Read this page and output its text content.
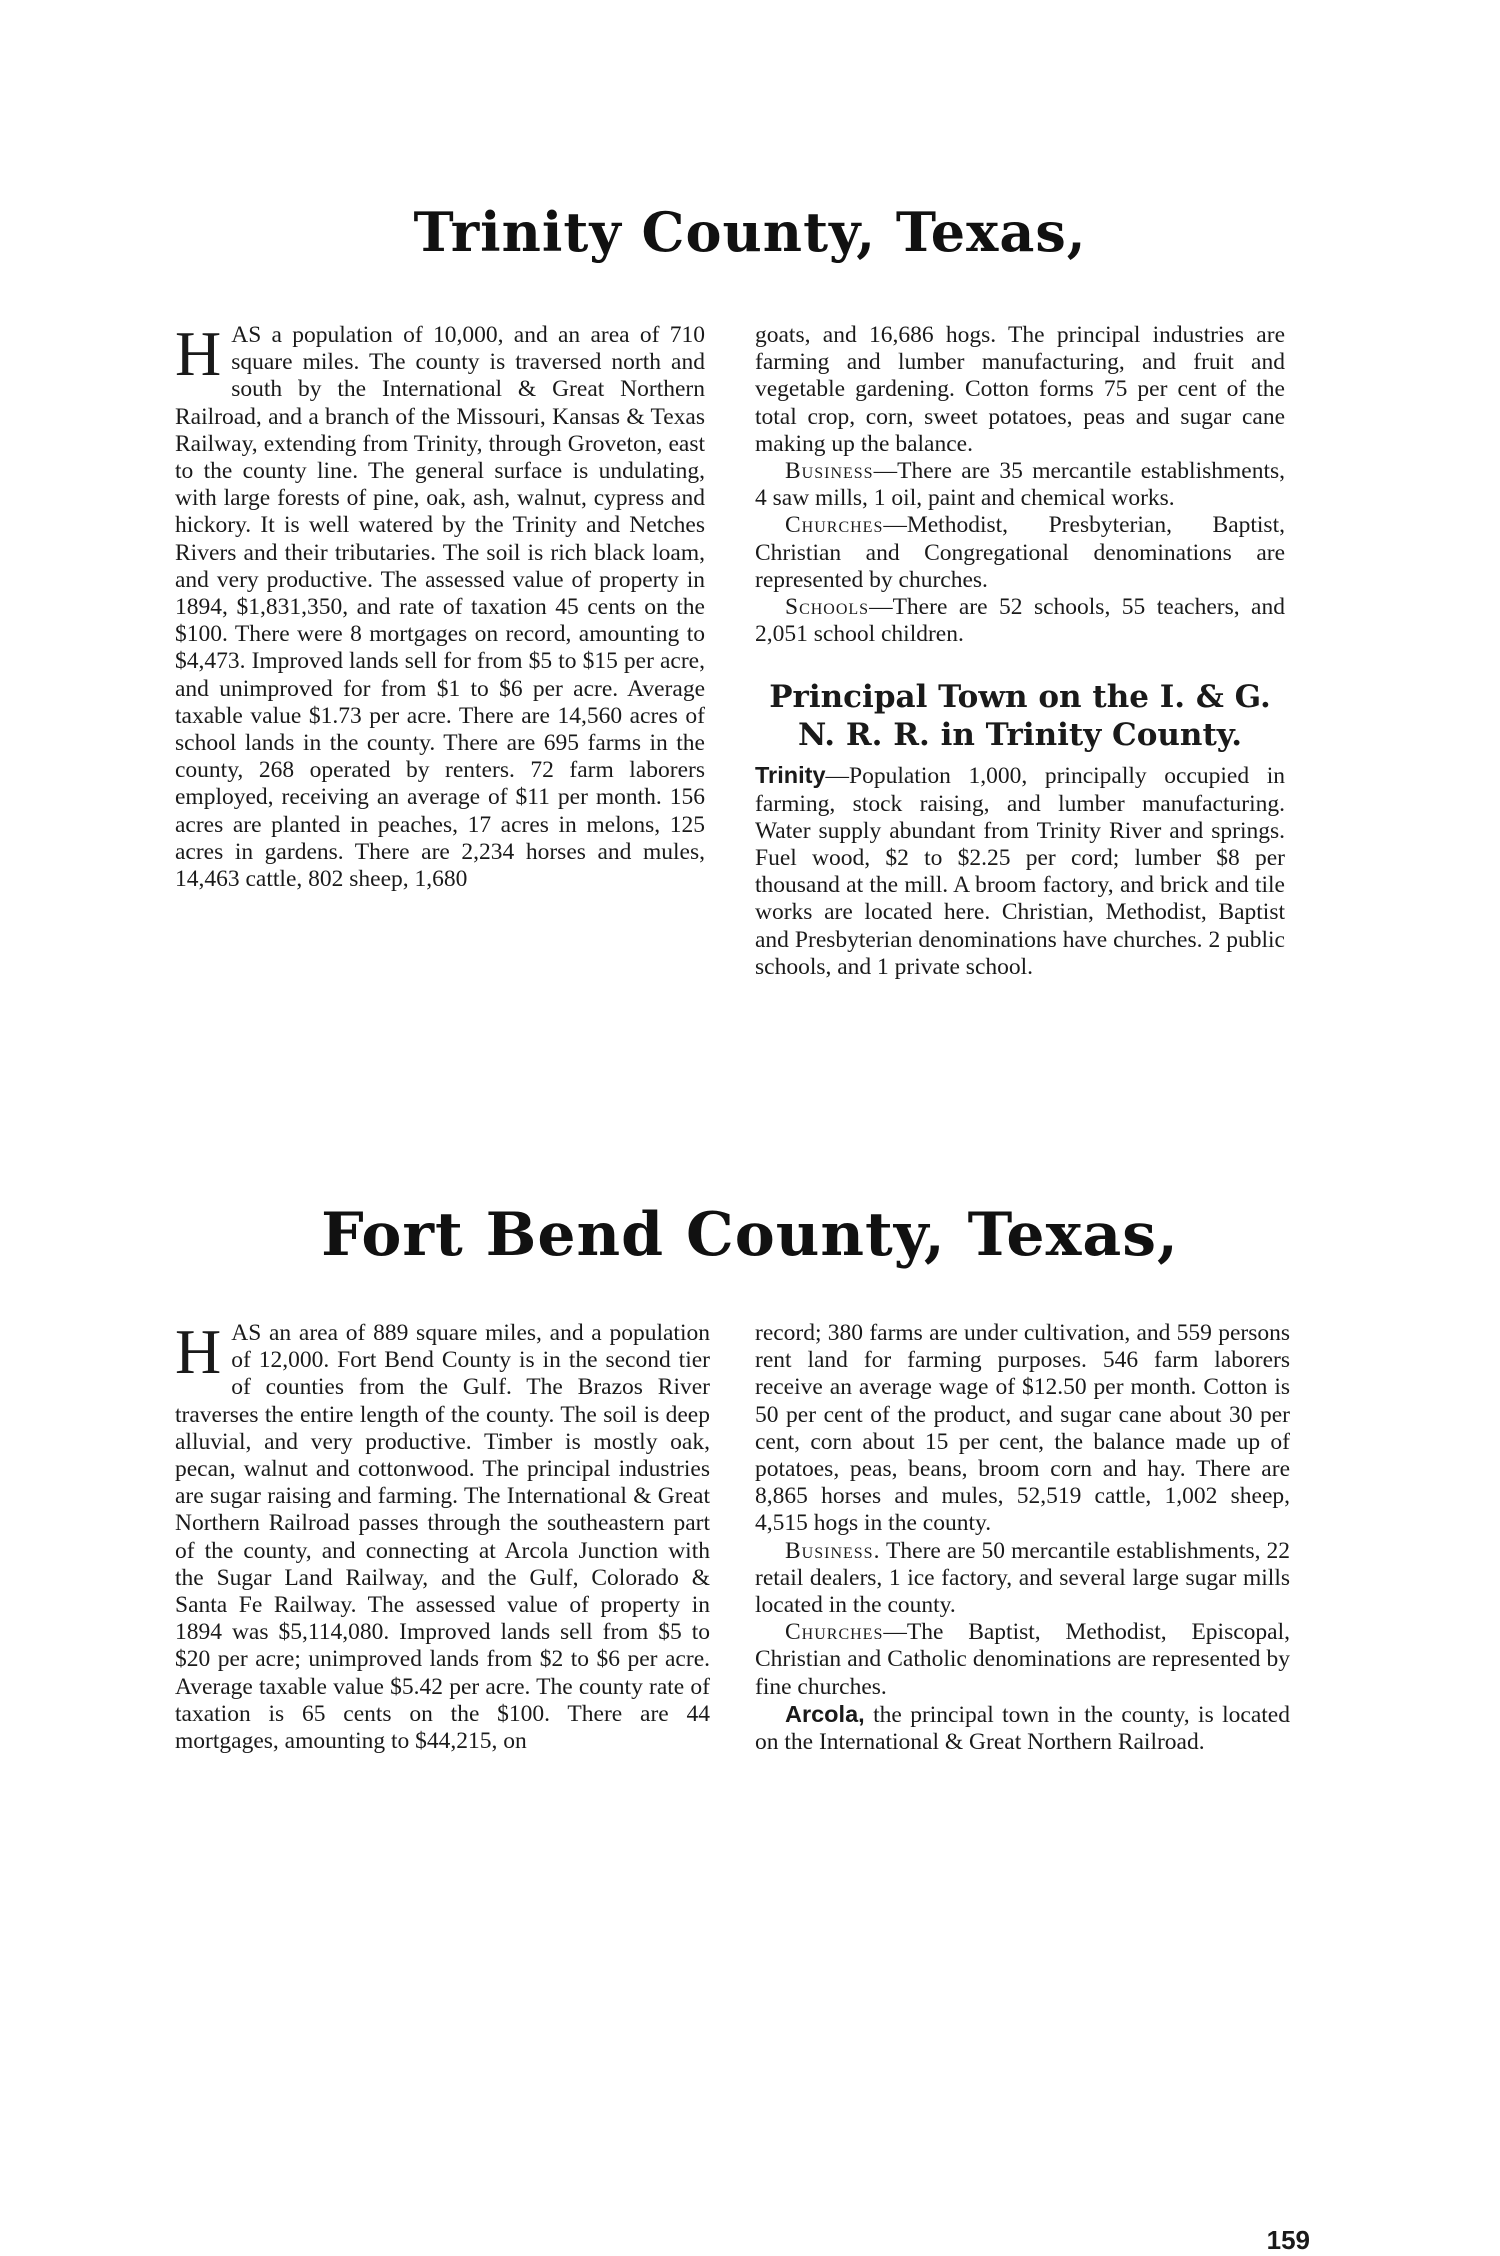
Trinity County, Texas,

HAS a population of 10,000, and an area of 710 square miles. The county is traversed north and south by the International & Great Northern Railroad, and a branch of the Missouri, Kansas & Texas Railway, extending from Trinity, through Groveton, east to the county line. The general surface is undulating, with large forests of pine, oak, ash, walnut, cypress and hickory. It is well watered by the Trinity and Netches Rivers and their tributaries. The soil is rich black loam, and very productive. The assessed value of property in 1894, $1,831,350, and rate of taxation 45 cents on the $100. There were 8 mortgages on record, amounting to $4,473. Improved lands sell for from $5 to $15 per acre, and unimproved for from $1 to $6 per acre. Average taxable value $1.73 per acre. There are 14,560 acres of school lands in the county. There are 695 farms in the county, 268 operated by renters. 72 farm laborers employed, receiving an average of $11 per month. 156 acres are planted in peaches, 17 acres in melons, 125 acres in gardens. There are 2,234 horses and mules, 14,463 cattle, 802 sheep, 1,680

goats, and 16,686 hogs. The principal industries are farming and lumber manufacturing, and fruit and vegetable gardening. Cotton forms 75 per cent of the total crop, corn, sweet potatoes, peas and sugar cane making up the balance.

Business—There are 35 mercantile establishments, 4 saw mills, 1 oil, paint and chemical works.

Churches—Methodist, Presbyterian, Baptist, Christian and Congregational denominations are represented by churches.

Schools—There are 52 schools, 55 teachers, and 2,051 school children.

Principal Town on the I. & G.
N. R. R. in Trinity County.

Trinity—Population 1,000, principally occupied in farming, stock raising, and lumber manufacturing. Water supply abundant from Trinity River and springs. Fuel wood, $2 to $2.25 per cord; lumber $8 per thousand at the mill. A broom factory, and brick and tile works are located here. Christian, Methodist, Baptist and Presbyterian denominations have churches. 2 public schools, and 1 private school.

Fort Bend County, Texas,

HAS an area of 889 square miles, and a population of 12,000. Fort Bend County is in the second tier of counties from the Gulf. The Brazos River traverses the entire length of the county. The soil is deep alluvial, and very productive. Timber is mostly oak, pecan, walnut and cottonwood. The principal industries are sugar raising and farming. The International & Great Northern Railroad passes through the southeastern part of the county, and connecting at Arcola Junction with the Sugar Land Railway, and the Gulf, Colorado & Santa Fe Railway. The assessed value of property in 1894 was $5,114,080. Improved lands sell from $5 to $20 per acre; unimproved lands from $2 to $6 per acre. Average taxable value $5.42 per acre. The county rate of taxation is 65 cents on the $100. There are 44 mortgages, amounting to $44,215, on

record; 380 farms are under cultivation, and 559 persons rent land for farming purposes. 546 farm laborers receive an average wage of $12.50 per month. Cotton is 50 per cent of the product, and sugar cane about 30 per cent, corn about 15 per cent, the balance made up of potatoes, peas, beans, broom corn and hay. There are 8,865 horses and mules, 52,519 cattle, 1,002 sheep, 4,515 hogs in the county.

Business. There are 50 mercantile establishments, 22 retail dealers, 1 ice factory, and several large sugar mills located in the county.

Churches—The Baptist, Methodist, Episcopal, Christian and Catholic denominations are represented by fine churches.

Arcola, the principal town in the county, is located on the International & Great Northern Railroad.

159
